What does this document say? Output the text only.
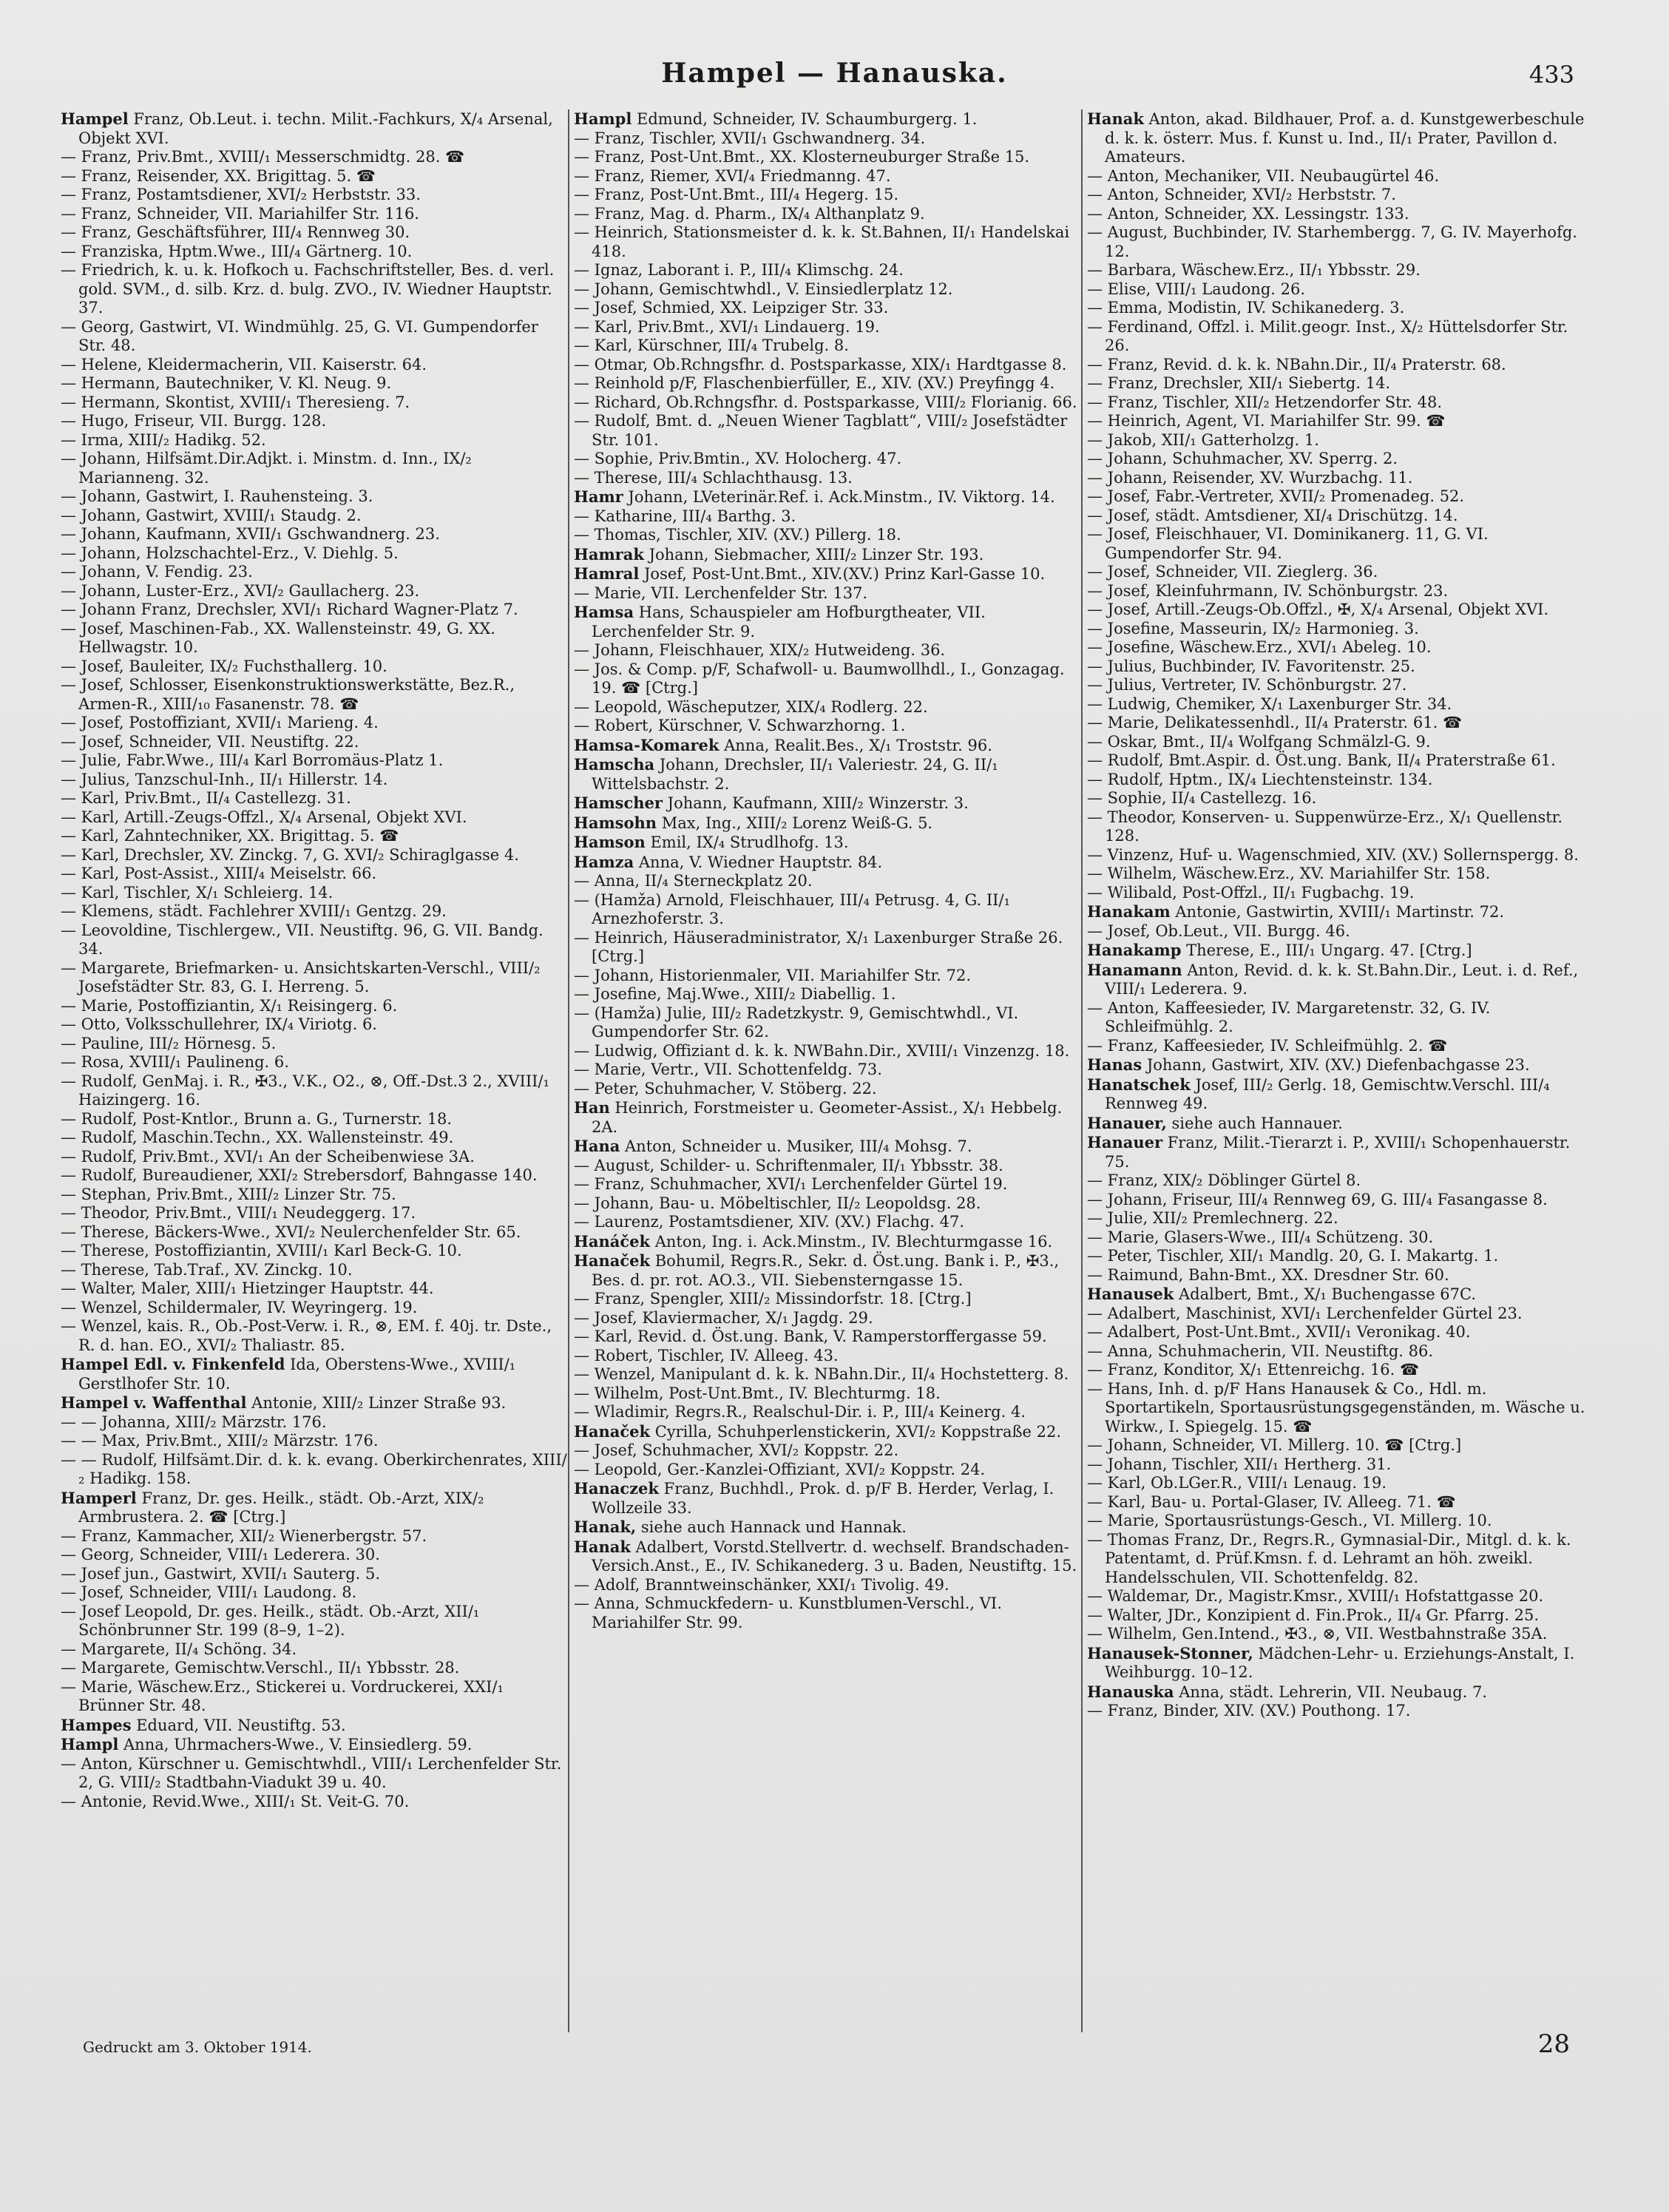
Hampel — Hanauska.	433

Hampel Franz, Ob.Leut. i. techn. Milit.-Fachkurs, X/₄ Arsenal, Objekt XVI.

— Franz, Priv.Bmt., XVIII/₁ Messerschmidtg. 28. ☎

— Franz, Reisender, XX. Brigittag. 5. ☎

— Franz, Postamtsdiener, XVI/₂ Herbststr. 33.

— Franz, Schneider, VII. Mariahilfer Str. 116.

— Franz, Geschäftsführer, III/₄ Rennweg 30.

— Franziska, Hptm.Wwe., III/₄ Gärtnerg. 10.

— Friedrich, k. u. k. Hofkoch u. Fachschriftsteller, Bes. d. verl. gold. SVM., d. silb. Krz. d. bulg. ZVO., IV. Wiedner Hauptstr. 37.

— Georg, Gastwirt, VI. Windmühlg. 25, G. VI. Gumpendorfer Str. 48.

— Helene, Kleidermacherin, VII. Kaiserstr. 64.

— Hermann, Bautechniker, V. Kl. Neug. 9.

— Hermann, Skontist, XVIII/₁ Theresieng. 7.

— Hugo, Friseur, VII. Burgg. 128.

— Irma, XIII/₂ Hadikg. 52.

— Johann, Hilfsämt.Dir.Adjkt. i. Minstm. d. Inn., IX/₂ Marianneng. 32.

— Johann, Gastwirt, I. Rauhensteing. 3.

— Johann, Gastwirt, XVIII/₁ Staudg. 2.

— Johann, Kaufmann, XVII/₁ Gschwandnerg. 23.

— Johann, Holzschachtel-Erz., V. Diehlg. 5.

— Johann, V. Fendig. 23.

— Johann, Luster-Erz., XVI/₂ Gaullacherg. 23.

— Johann Franz, Drechsler, XVI/₁ Richard Wagner-Platz 7.

— Josef, Maschinen-Fab., XX. Wallensteinstr. 49, G. XX. Hellwagstr. 10.

— Josef, Bauleiter, IX/₂ Fuchsthallerg. 10.

— Josef, Schlosser, Eisenkonstruktionswerkstätte, Bez.R., Armen-R., XIII/₁₀ Fasanenstr. 78. ☎

— Josef, Postoffiziant, XVII/₁ Marieng. 4.

— Josef, Schneider, VII. Neustiftg. 22.

— Julie, Fabr.Wwe., III/₄ Karl Borromäus-Platz 1.

— Julius, Tanzschul-Inh., II/₁ Hillerstr. 14.

— Karl, Priv.Bmt., II/₄ Castellezg. 31.

— Karl, Artill.-Zeugs-Offzl., X/₄ Arsenal, Objekt XVI.

— Karl, Zahntechniker, XX. Brigittag. 5. ☎

— Karl, Drechsler, XV. Zinckg. 7, G. XVI/₂ Schiraglgasse 4.

— Karl, Post-Assist., XIII/₄ Meiselstr. 66.

— Karl, Tischler, X/₁ Schleierg. 14.

— Klemens, städt. Fachlehrer XVIII/₁ Gentzg. 29.

— Leovoldine, Tischlergew., VII. Neustiftg. 96, G. VII. Bandg. 34.

— Margarete, Briefmarken- u. Ansichtskarten-Verschl., VIII/₂ Josefstädter Str. 83, G. I. Herreng. 5.

— Marie, Postoffiziantin, X/₁ Reisingerg. 6.

— Otto, Volksschullehrer, IX/₄ Viriotg. 6.

— Pauline, III/₂ Hörnesg. 5.

— Rosa, XVIII/₁ Paulineng. 6.

— Rudolf, GenMaj. i. R., ✠3., V.K., O2., ⊗, Off.-Dst.3 2., XVIII/₁ Haizingerg. 16.

— Rudolf, Post-Kntlor., Brunn a. G., Turnerstr. 18.

— Rudolf, Maschin.Techn., XX. Wallensteinstr. 49.

— Rudolf, Priv.Bmt., XVI/₁ An der Scheibenwiese 3A.

— Rudolf, Bureaudiener, XXI/₂ Strebersdorf, Bahngasse 140.

— Stephan, Priv.Bmt., XIII/₂ Linzer Str. 75.

— Theodor, Priv.Bmt., VIII/₁ Neudeggerg. 17.

— Therese, Bäckers-Wwe., XVI/₂ Neulerchenfelder Str. 65.

— Therese, Postoffiziantin, XVIII/₁ Karl Beck-G. 10.

— Therese, Tab.Traf., XV. Zinckg. 10.

— Walter, Maler, XIII/₁ Hietzinger Hauptstr. 44.

— Wenzel, Schildermaler, IV. Weyringerg. 19.

— Wenzel, kais. R., Ob.-Post-Verw. i. R., ⊗, EM. f. 40j. tr. Dste., R. d. han. EO., XVI/₂ Thaliastr. 85.

Hampel Edl. v. Finkenfeld Ida, Oberstens-Wwe., XVIII/₁ Gerstlhofer Str. 10.

Hampel v. Waffenthal Antonie, XIII/₂ Linzer Straße 93.

— — Johanna, XIII/₂ Märzstr. 176.

— — Max, Priv.Bmt., XIII/₂ Märzstr. 176.

— — Rudolf, Hilfsämt.Dir. d. k. k. evang. Oberkirchenrates, XIII/₂ Hadikg. 158.

Hamperl Franz, Dr. ges. Heilk., städt. Ob.-Arzt, XIX/₂ Armbrustera. 2. ☎ [Ctrg.]

— Franz, Kammacher, XII/₂ Wienerbergstr. 57.

— Georg, Schneider, VIII/₁ Lederera. 30.

— Josef jun., Gastwirt, XVII/₁ Sauterg. 5.

— Josef, Schneider, VIII/₁ Laudong. 8.

— Josef Leopold, Dr. ges. Heilk., städt. Ob.-Arzt, XII/₁ Schönbrunner Str. 199 (8–9, 1–2).

— Margarete, II/₄ Schöng. 34.

— Margarete, Gemischtw.Verschl., II/₁ Ybbsstr. 28.

— Marie, Wäschew.Erz., Stickerei u. Vordruckerei, XXI/₁ Brünner Str. 48.

Hampes Eduard, VII. Neustiftg. 53.

Hampl Anna, Uhrmachers-Wwe., V. Einsiedlerg. 59.

— Anton, Kürschner u. Gemischtwhdl., VIII/₁ Lerchenfelder Str. 2, G. VIII/₂ Stadtbahn-Viadukt 39 u. 40.

— Antonie, Revid.Wwe., XIII/₁ St. Veit-G. 70.

Hampl Edmund, Schneider, IV. Schaumburgerg. 1.

— Franz, Tischler, XVII/₁ Gschwandnerg. 34.

— Franz, Post-Unt.Bmt., XX. Klosterneuburger Straße 15.

— Franz, Riemer, XVI/₄ Friedmanng. 47.

— Franz, Post-Unt.Bmt., III/₄ Hegerg. 15.

— Franz, Mag. d. Pharm., IX/₄ Althanplatz 9.

— Heinrich, Stationsmeister d. k. k. St.Bahnen, II/₁ Handelskai 418.

— Ignaz, Laborant i. P., III/₄ Klimschg. 24.

— Johann, Gemischtwhdl., V. Einsiedlerplatz 12.

— Josef, Schmied, XX. Leipziger Str. 33.

— Karl, Priv.Bmt., XVI/₁ Lindauerg. 19.

— Karl, Kürschner, III/₄ Trubelg. 8.

— Otmar, Ob.Rchngsfhr. d. Postsparkasse, XIX/₁ Hardtgasse 8.

— Reinhold p/F, Flaschenbierfüller, E., XIV. (XV.) Preyfingg 4.

— Richard, Ob.Rchngsfhr. d. Postsparkasse, VIII/₂ Florianig. 66.

— Rudolf, Bmt. d. „Neuen Wiener Tagblatt“, VIII/₂ Josefstädter Str. 101.

— Sophie, Priv.Bmtin., XV. Holocherg. 47.

— Therese, III/₄ Schlachthausg. 13.

Hamr Johann, LVeterinär.Ref. i. Ack.Minstm., IV. Viktorg. 14.

— Katharine, III/₄ Barthg. 3.

— Thomas, Tischler, XIV. (XV.) Pillerg. 18.

Hamrak Johann, Siebmacher, XIII/₂ Linzer Str. 193.

Hamral Josef, Post-Unt.Bmt., XIV.(XV.) Prinz Karl-Gasse 10.

— Marie, VII. Lerchenfelder Str. 137.

Hamsa Hans, Schauspieler am Hofburgtheater, VII. Lerchenfelder Str. 9.

— Johann, Fleischhauer, XIX/₂ Hutweideng. 36.

— Jos. & Comp. p/F, Schafwoll- u. Baumwollhdl., I., Gonzagag. 19. ☎ [Ctrg.]

— Leopold, Wäscheputzer, XIX/₄ Rodlerg. 22.

— Robert, Kürschner, V. Schwarzhorng. 1.

Hamsa-Komarek Anna, Realit.Bes., X/₁ Troststr. 96.

Hamscha Johann, Drechsler, II/₁ Valeriestr. 24, G. II/₁ Wittelsbachstr. 2.

Hamscher Johann, Kaufmann, XIII/₂ Winzerstr. 3.

Hamsohn Max, Ing., XIII/₂ Lorenz Weiß-G. 5.

Hamson Emil, IX/₄ Strudlhofg. 13.

Hamza Anna, V. Wiedner Hauptstr. 84.

— Anna, II/₄ Sterneckplatz 20.

— (Hamža) Arnold, Fleischhauer, III/₄ Petrusg. 4, G. II/₁ Arnezhoferstr. 3.

— Heinrich, Häuseradministrator, X/₁ Laxenburger Straße 26. [Ctrg.]

— Johann, Historienmaler, VII. Mariahilfer Str. 72.

— Josefine, Maj.Wwe., XIII/₂ Diabellig. 1.

— (Hamža) Julie, III/₂ Radetzkystr. 9, Gemischtwhdl., VI. Gumpendorfer Str. 62.

— Ludwig, Offiziant d. k. k. NWBahn.Dir., XVIII/₁ Vinzenzg. 18.

— Marie, Vertr., VII. Schottenfeldg. 73.

— Peter, Schuhmacher, V. Stöberg. 22.

Han Heinrich, Forstmeister u. Geometer-Assist., X/₁ Hebbelg. 2A.

Hana Anton, Schneider u. Musiker, III/₄ Mohsg. 7.

— August, Schilder- u. Schriftenmaler, II/₁ Ybbsstr. 38.

— Franz, Schuhmacher, XVI/₁ Lerchenfelder Gürtel 19.

— Johann, Bau- u. Möbeltischler, II/₂ Leopoldsg. 28.

— Laurenz, Postamtsdiener, XIV. (XV.) Flachg. 47.

Hanáček Anton, Ing. i. Ack.Minstm., IV. Blechturmgasse 16.

Hanaček Bohumil, Regrs.R., Sekr. d. Öst.ung. Bank i. P., ✠3., Bes. d. pr. rot. AO.3., VII. Siebensterngasse 15.

— Franz, Spengler, XIII/₂ Missindorfstr. 18. [Ctrg.]

— Josef, Klaviermacher, X/₁ Jagdg. 29.

— Karl, Revid. d. Öst.ung. Bank, V. Ramperstorffergasse 59.

— Robert, Tischler, IV. Alleeg. 43.

— Wenzel, Manipulant d. k. k. NBahn.Dir., II/₄ Hochstetterg. 8.

— Wilhelm, Post-Unt.Bmt., IV. Blechturmg. 18.

— Wladimir, Regrs.R., Realschul-Dir. i. P., III/₄ Keinerg. 4.

Hanaček Cyrilla, Schuhperlenstickerin, XVI/₂ Koppstraße 22.

— Josef, Schuhmacher, XVI/₂ Koppstr. 22.

— Leopold, Ger.-Kanzlei-Offiziant, XVI/₂ Koppstr. 24.

Hanaczek Franz, Buchhdl., Prok. d. p/F B. Herder, Verlag, I. Wollzeile 33.

Hanak, siehe auch Hannack und Hannak.

Hanak Adalbert, Vorstd.Stellvertr. d. wechself. Brandschaden-Versich.Anst., E., IV. Schikanederg. 3 u. Baden, Neustiftg. 15.

— Adolf, Branntweinschänker, XXI/₁ Tivolig. 49.

— Anna, Schmuckfedern- u. Kunstblumen-Verschl., VI. Mariahilfer Str. 99.

Hanak Anton, akad. Bildhauer, Prof. a. d. Kunstgewerbeschule d. k. k. österr. Mus. f. Kunst u. Ind., II/₁ Prater, Pavillon d. Amateurs.

— Anton, Mechaniker, VII. Neubaugürtel 46.

— Anton, Schneider, XVI/₂ Herbststr. 7.

— Anton, Schneider, XX. Lessingstr. 133.

— August, Buchbinder, IV. Starhembergg. 7, G. IV. Mayerhofg. 12.

— Barbara, Wäschew.Erz., II/₁ Ybbsstr. 29.

— Elise, VIII/₁ Laudong. 26.

— Emma, Modistin, IV. Schikanederg. 3.

— Ferdinand, Offzl. i. Milit.geogr. Inst., X/₂ Hüttelsdorfer Str. 26.

— Franz, Revid. d. k. k. NBahn.Dir., II/₄ Praterstr. 68.

— Franz, Drechsler, XII/₁ Siebertg. 14.

— Franz, Tischler, XII/₂ Hetzendorfer Str. 48.

— Heinrich, Agent, VI. Mariahilfer Str. 99. ☎

— Jakob, XII/₁ Gatterholzg. 1.

— Johann, Schuhmacher, XV. Sperrg. 2.

— Johann, Reisender, XV. Wurzbachg. 11.

— Josef, Fabr.-Vertreter, XVII/₂ Promenadeg. 52.

— Josef, städt. Amtsdiener, XI/₄ Drischützg. 14.

— Josef, Fleischhauer, VI. Dominikanerg. 11, G. VI. Gumpendorfer Str. 94.

— Josef, Schneider, VII. Zieglerg. 36.

— Josef, Kleinfuhrmann, IV. Schönburgstr. 23.

— Josef, Artill.-Zeugs-Ob.Offzl., ✠, X/₄ Arsenal, Objekt XVI.

— Josefine, Masseurin, IX/₂ Harmonieg. 3.

— Josefine, Wäschew.Erz., XVI/₁ Abeleg. 10.

— Julius, Buchbinder, IV. Favoritenstr. 25.

— Julius, Vertreter, IV. Schönburgstr. 27.

— Ludwig, Chemiker, X/₁ Laxenburger Str. 34.

— Marie, Delikatessenhdl., II/₄ Praterstr. 61. ☎

— Oskar, Bmt., II/₄ Wolfgang Schmälzl-G. 9.

— Rudolf, Bmt.Aspir. d. Öst.ung. Bank, II/₄ Praterstraße 61.

— Rudolf, Hptm., IX/₄ Liechtensteinstr. 134.

— Sophie, II/₄ Castellezg. 16.

— Theodor, Konserven- u. Suppenwürze-Erz., X/₁ Quellenstr. 128.

— Vinzenz, Huf- u. Wagenschmied, XIV. (XV.) Sollernspergg. 8.

— Wilhelm, Wäschew.Erz., XV. Mariahilfer Str. 158.

— Wilibald, Post-Offzl., II/₁ Fugbachg. 19.

Hanakam Antonie, Gastwirtin, XVIII/₁ Martinstr. 72.

— Josef, Ob.Leut., VII. Burgg. 46.

Hanakamp Therese, E., III/₁ Ungarg. 47. [Ctrg.]

Hanamann Anton, Revid. d. k. k. St.Bahn.Dir., Leut. i. d. Ref., VIII/₁ Lederera. 9.

— Anton, Kaffeesieder, IV. Margaretenstr. 32, G. IV. Schleifmühlg. 2.

— Franz, Kaffeesieder, IV. Schleifmühlg. 2. ☎

Hanas Johann, Gastwirt, XIV. (XV.) Diefenbachgasse 23.

Hanatschek Josef, III/₂ Gerlg. 18, Gemischtw.Verschl. III/₄ Rennweg 49.

Hanauer, siehe auch Hannauer.

Hanauer Franz, Milit.-Tierarzt i. P., XVIII/₁ Schopenhauerstr. 75.

— Franz, XIX/₂ Döblinger Gürtel 8.

— Johann, Friseur, III/₄ Rennweg 69, G. III/₄ Fasangasse 8.

— Julie, XII/₂ Premlechnerg. 22.

— Marie, Glasers-Wwe., III/₄ Schützeng. 30.

— Peter, Tischler, XII/₁ Mandlg. 20, G. I. Makartg. 1.

— Raimund, Bahn-Bmt., XX. Dresdner Str. 60.

Hanausek Adalbert, Bmt., X/₁ Buchengasse 67C.

— Adalbert, Maschinist, XVI/₁ Lerchenfelder Gürtel 23.

— Adalbert, Post-Unt.Bmt., XVII/₁ Veronikag. 40.

— Anna, Schuhmacherin, VII. Neustiftg. 86.

— Franz, Konditor, X/₁ Ettenreichg. 16. ☎

— Hans, Inh. d. p/F Hans Hanausek & Co., Hdl. m. Sportartikeln, Sportausrüstungsgegenständen, m. Wäsche u. Wirkw., I. Spiegelg. 15. ☎

— Johann, Schneider, VI. Millerg. 10. ☎ [Ctrg.]

— Johann, Tischler, XII/₁ Hertherg. 31.

— Karl, Ob.LGer.R., VIII/₁ Lenaug. 19.

— Karl, Bau- u. Portal-Glaser, IV. Alleeg. 71. ☎

— Marie, Sportausrüstungs-Gesch., VI. Millerg. 10.

— Thomas Franz, Dr., Regrs.R., Gymnasial-Dir., Mitgl. d. k. k. Patentamt, d. Prüf.Kmsn. f. d. Lehramt an höh. zweikl. Handelsschulen, VII. Schottenfeldg. 82.

— Waldemar, Dr., Magistr.Kmsr., XVIII/₁ Hofstattgasse 20.

— Walter, JDr., Konzipient d. Fin.Prok., II/₄ Gr. Pfarrg. 25.

— Wilhelm, Gen.Intend., ✠3., ⊗, VII. Westbahnstraße 35A.

Hanausek-Stonner, Mädchen-Lehr- u. Erziehungs-Anstalt, I. Weihburgg. 10–12.

Hanauska Anna, städt. Lehrerin, VII. Neubaug. 7.

— Franz, Binder, XIV. (XV.) Pouthong. 17.

Gedruckt am 3. Oktober 1914.	28
